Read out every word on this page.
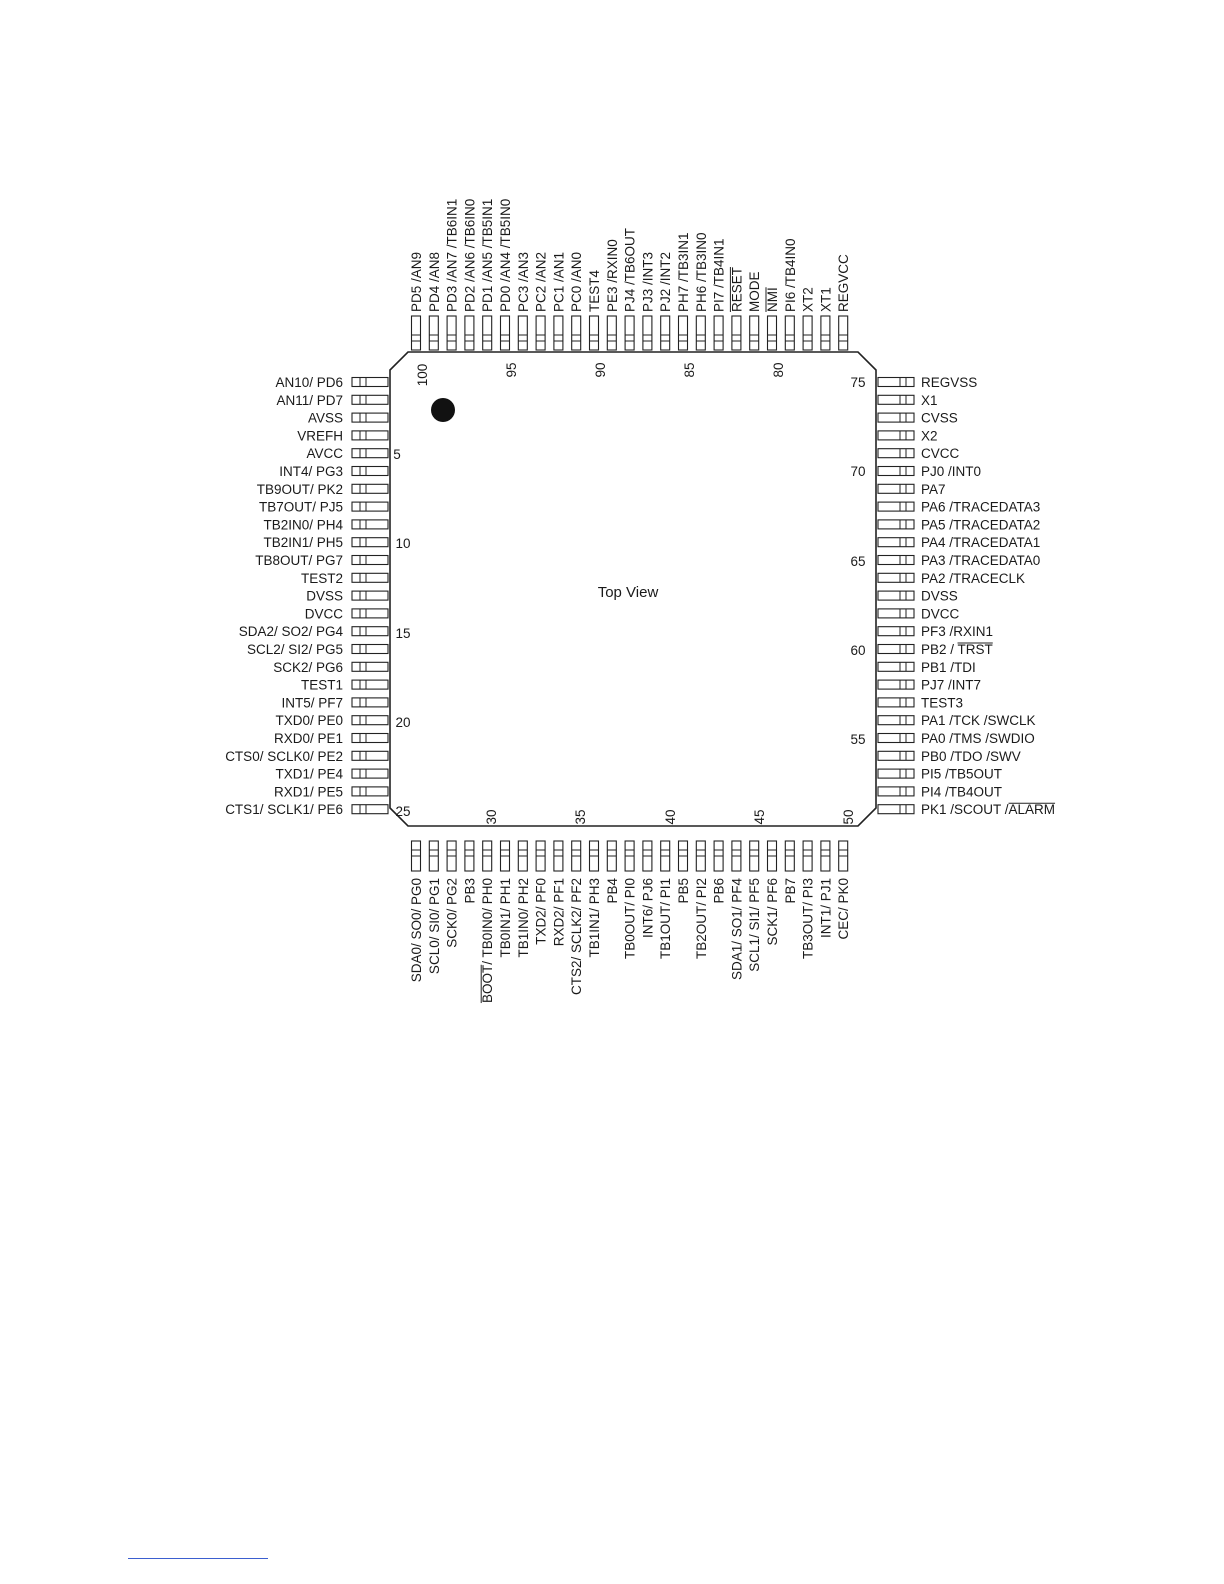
AN10/ PD6
AN11/ PD7
AVSS
VREFH
AVCC
INT4/ PG3
TB9OUT/ PK2
TB7OUT/ PJ5
TB2IN0/ PH4
TB2IN1/ PH5
TB8OUT/ PG7
TEST2
DVSS
DVCC
SDA2/ SO2/ PG4
SCL2/ SI2/ PG5
SCK2/ PG6
TEST1
INT5/ PF7
TXD0/ PE0
RXD0/ PE1
CTS0/ SCLK0/ PE2
TXD1/ PE4
RXD1/ PE5
CTS1/ SCLK1/ PE6	PK1 /SCOUT /ALARM
PI4 /TB4OUT
PI5 /TB5OUT
PB0 /TDO /SWV
PA0 /TMS /SWDIO
PA1 /TCK /SWCLK
TEST3
PJ7 /INT7
PB1 /TDI
PB2 / TRST
PF3 /RXIN1
DVCC
DVSS
PA2 /TRACECLK
PA3 /TRACEDATA0
PA4 /TRACEDATA1
PA5 /TRACEDATA2
PA6 /TRACEDATA3
PA7
PJ0 /INT0
CVCC
X2
CVSS
X1
REGVSS
SDA0/ SO0/ PG0 SCL0/ SI0/ PG1 SCK0/ PG2 PB3 BOOT/ TB0IN0/ PH0 TB0IN1/ PH1 TB1IN0/ PH2 TXD2/ PF0 RXD2/ PF1 CTS2/ SCLK2/ PF2 TB1IN1/ PH3 PB4 TB0OUT/ PI0 INT6/ PJ6 TB1OUT/ PI1 PB5 TB2OUT/ PI2 PB6 SDA1/ SO1/ PF4 SCL1/ SI1/ PF5 SCK1/ PF6 PB7 TB3OUT/ PI3 INT1/ PJ1 CEC/ PK0
REGVCC
XT1
XT2
PI6 /TB4IN0
NMI
MODE
RESET
PI7 /TB4IN1
PH6 /TB3IN0
PH7 /TB3IN1
PJ2 /INT2
PJ3 /INT3
PJ4 /TB6OUT
PE3 /RXIN0
TEST4
PC0 /AN0
PC1 /AN1
PC2 /AN2
PC3 /AN3
PD0 /AN4 /TB5IN0
PD1 /AN5 /TB5IN1
PD2 /AN6 /TB6IN0
PD3 /AN7 /TB6IN1
PD4 /AN8
PD5 /AN9
Top View
100	95	90	85	80
75
5
10
15
20
25
70
65
60
55
50
30	35	40	45
